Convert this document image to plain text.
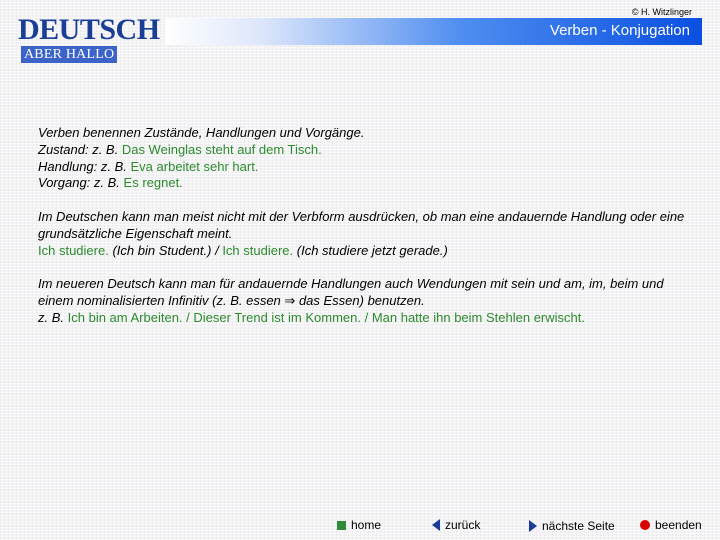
© H. Witzlinger
DEUTSCH
ABER HALLO
Verben - Konjugation

Verben benennen Zustände, Handlungen und Vorgänge.
Zustand: z. B. Das Weinglas steht auf dem Tisch.
Handlung: z. B. Eva arbeitet sehr hart.
Vorgang: z. B. Es regnet.

Im Deutschen kann man meist nicht mit der Verbform ausdrücken, ob man eine andauernde Handlung oder eine grundsätzliche Eigenschaft meint.
Ich studiere. (Ich bin Student.) / Ich studiere. (Ich studiere jetzt gerade.)

Im neueren Deutsch kann man für andauernde Handlungen auch Wendungen mit sein und am, im, beim und einem nominalisierten Infinitiv (z. B. essen ⇒ das Essen) benutzen.
z. B. Ich bin am Arbeiten. / Dieser Trend ist im Kommen. / Man hatte ihn beim Stehlen erwischt.

home	zurück	nächste Seite	beenden
